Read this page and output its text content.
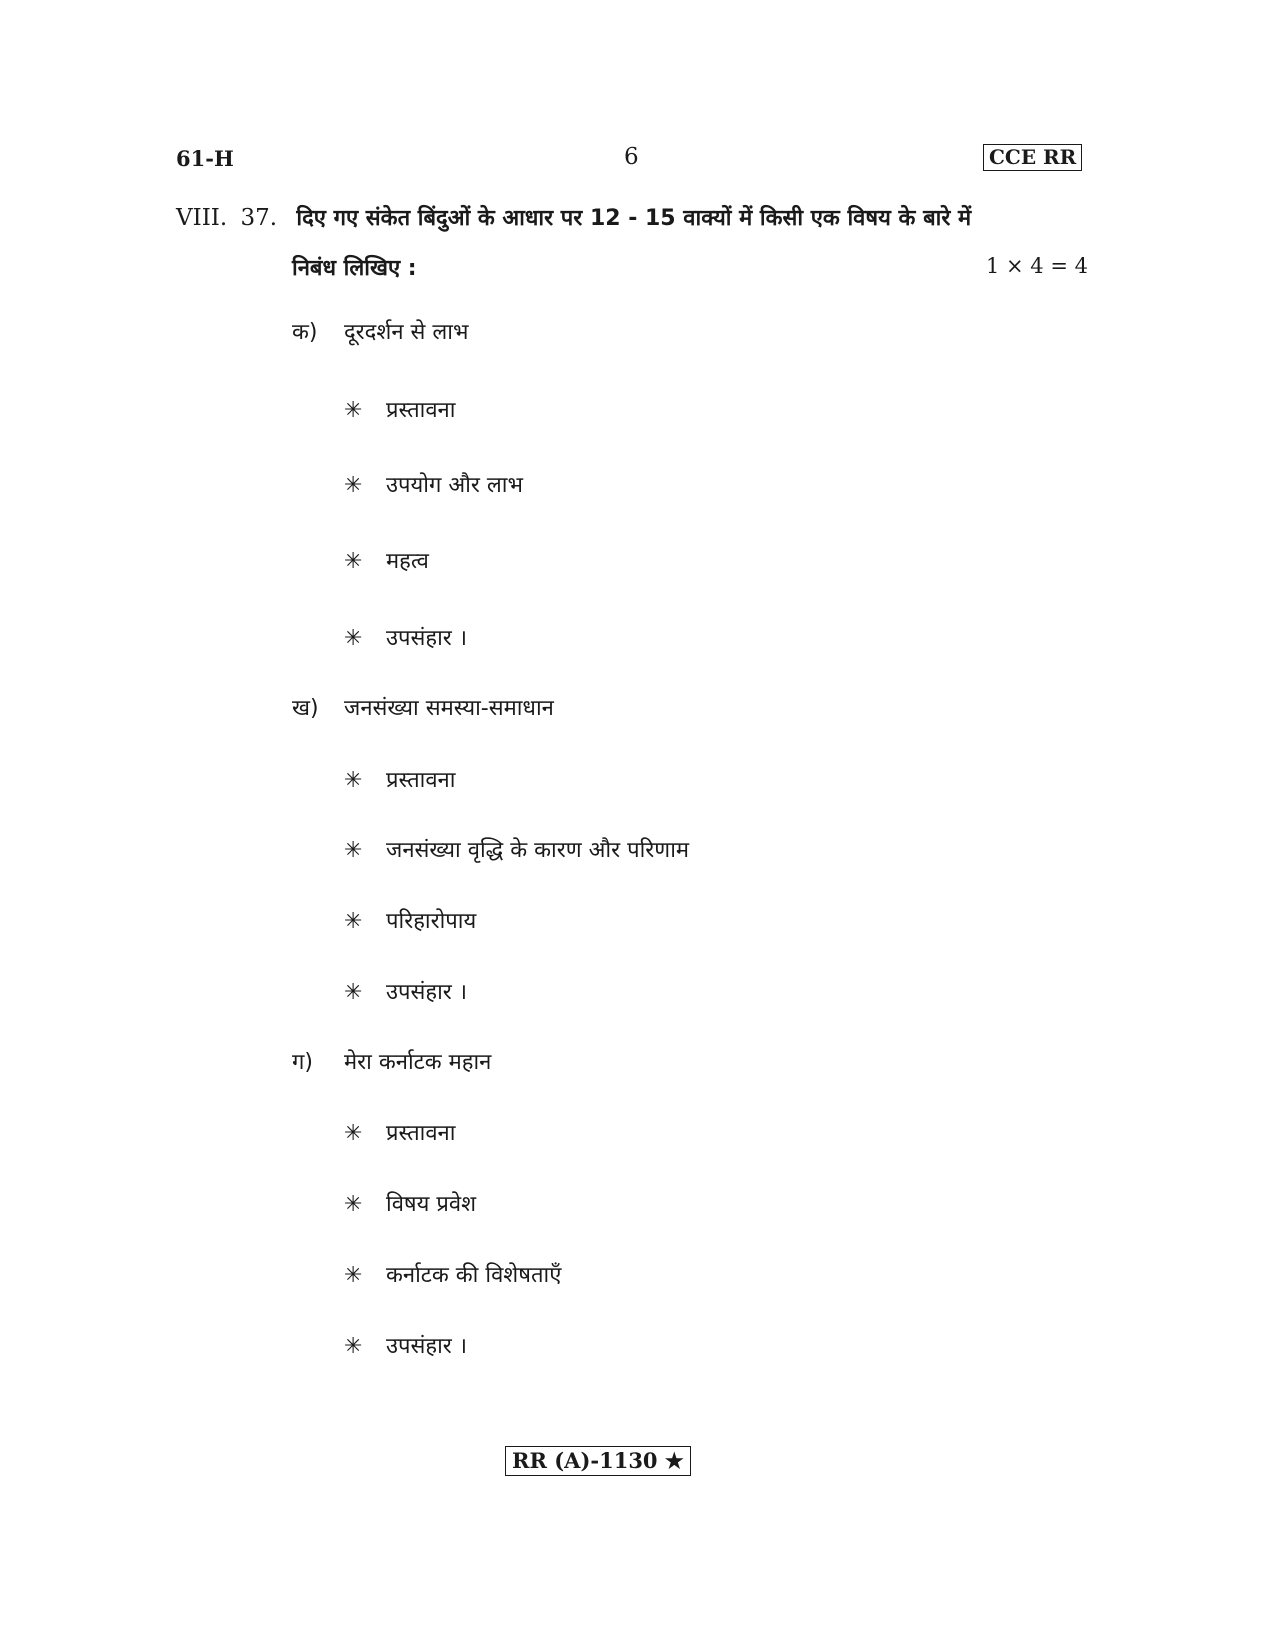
61-H	6	CCE RR
VIII. 37. दिए गए संकेत बिंदुओं के आधार पर 12 - 15 वाक्यों में किसी एक विषय के बारे में
निबंध लिखिए :	1 × 4 = 4
क) दूरदर्शन से लाभ
✳ प्रस्तावना
✳ उपयोग और लाभ
✳ महत्व
✳ उपसंहार ।
ख) जनसंख्या समस्या-समाधान
✳ प्रस्तावना
✳ जनसंख्या वृद्धि के कारण और परिणाम
✳ परिहारोपाय
✳ उपसंहार ।
ग) मेरा कर्नाटक महान
✳ प्रस्तावना
✳ विषय प्रवेश
✳ कर्नाटक की विशेषताएँ
✳ उपसंहार ।
RR (A)-1130 ★
